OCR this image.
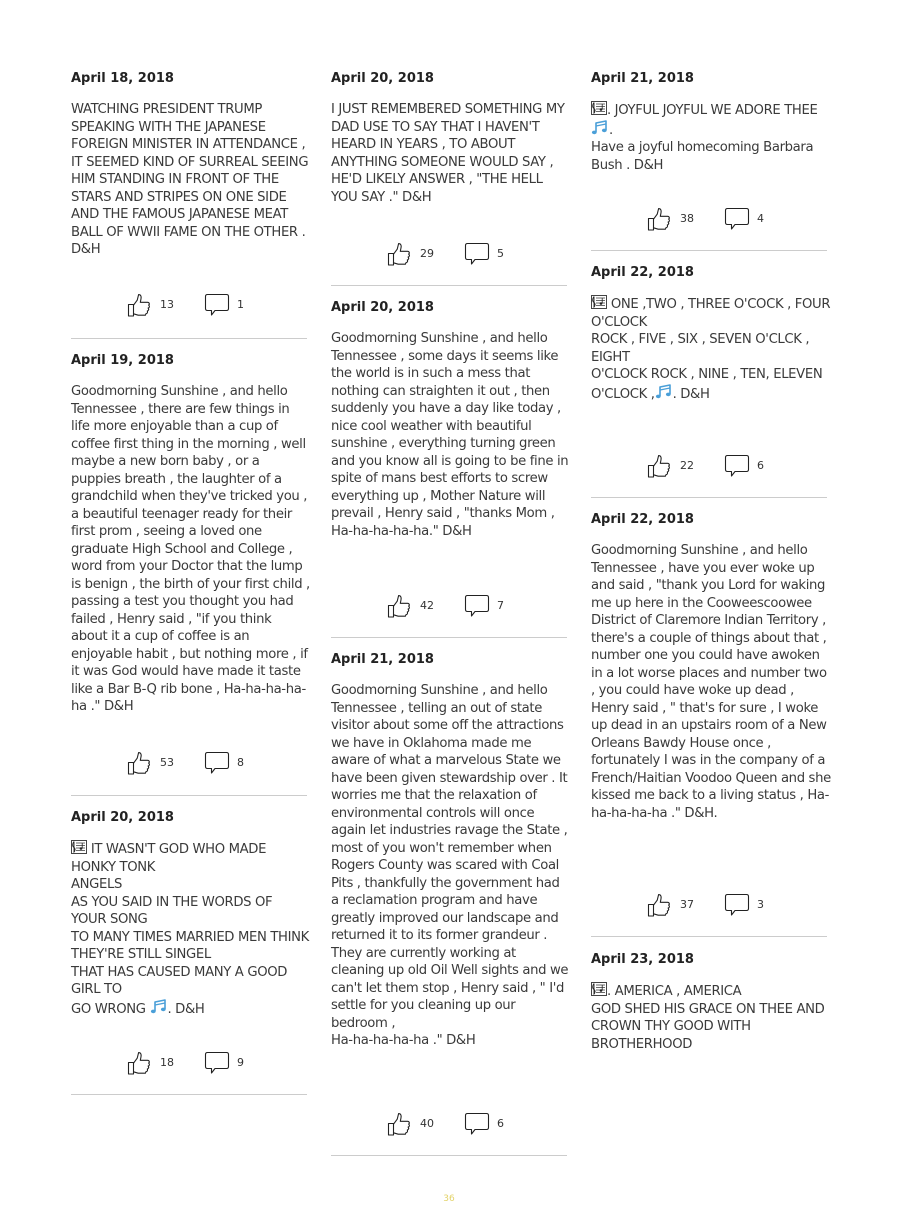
April 18, 2018
WATCHING PRESIDENT TRUMP SPEAKING WITH THE JAPANESE FOREIGN MINISTER IN ATTENDANCE , IT SEEMED KIND OF SURREAL SEEING HIM STANDING IN FRONT OF THE STARS AND STRIPES ON ONE SIDE AND THE FAMOUS JAPANESE MEAT BALL OF WWII FAME ON THE OTHER . D&H
13	1
April 19, 2018
Goodmorning Sunshine , and hello Tennessee , there are few things in life more enjoyable than a cup of coffee first thing in the morning , well maybe a new born baby , or a puppies breath , the laughter of a grandchild when they've tricked you , a beautiful teenager ready for their first prom , seeing a loved one graduate High School and College , word from your Doctor that the lump is benign , the birth of your first child , passing a test you thought you had failed , Henry said , "if you think about it a cup of coffee is an enjoyable habit , but nothing more , if it was God would have made it taste like a Bar B-Q rib bone , Ha-ha-ha-ha-ha ." D&H
53	8
April 20, 2018
IT WASN'T GOD WHO MADE HONKY TONK
ANGELS
AS YOU SAID IN THE WORDS OF YOUR SONG
TO MANY TIMES MARRIED MEN THINK THEY'RE STILL SINGEL
THAT HAS CAUSED MANY A GOOD GIRL TO
GO WRONG . D&H
18	9
April 20, 2018
I JUST REMEMBERED SOMETHING MY DAD USE TO SAY THAT I HAVEN'T HEARD IN YEARS , TO ABOUT ANYTHING SOMEONE WOULD SAY , HE'D LIKELY ANSWER , "THE HELL YOU SAY ." D&H
29	5
April 20, 2018
Goodmorning Sunshine , and hello Tennessee , some days it seems like the world is in such a mess that nothing can straighten it out , then suddenly you have a day like today , nice cool weather with beautiful sunshine , everything turning green and you know all is going to be fine in spite of mans best efforts to screw everything up , Mother Nature will prevail , Henry said , "thanks Mom ,
Ha-ha-ha-ha-ha." D&H
42	7
April 21, 2018
Goodmorning Sunshine , and hello Tennessee , telling an out of state visitor about some off the attractions we have in Oklahoma made me aware of what a marvelous State we have been given stewardship over . It worries me that the relaxation of environmental controls will once again let industries ravage the State , most of you won't remember when Rogers County was scared with Coal Pits , thankfully the government had a reclamation program and have greatly improved our landscape and returned it to its former grandeur . They are currently working at cleaning up old Oil Well sights and we can't let them stop , Henry said , " I'd settle for you cleaning up our bedroom ,
Ha-ha-ha-ha-ha ." D&H
40	6
April 21, 2018
. JOYFUL JOYFUL WE ADORE THEE .
Have a joyful homecoming Barbara Bush . D&H
38	4
April 22, 2018
ONE ,TWO , THREE O'COCK , FOUR O'CLOCK
ROCK , FIVE , SIX , SEVEN O'CLCK , EIGHT
O'CLOCK ROCK , NINE , TEN, ELEVEN
O'CLOCK , . D&H
22	6
April 22, 2018
Goodmorning Sunshine , and hello Tennessee , have you ever woke up and said , "thank you Lord for waking me up here in the Cooweescoowee District of Claremore Indian Territory , there's a couple of things about that , number one you could have awoken in a lot worse places and number two , you could have woke up dead , Henry said , " that's for sure , I woke up dead in an upstairs room of a New Orleans Bawdy House once , fortunately I was in the company of a French/Haitian Voodoo Queen and she kissed me back to a living status , Ha-ha-ha-ha-ha ." D&H.
37	3
April 23, 2018
. AMERICA , AMERICA
GOD SHED HIS GRACE ON THEE AND CROWN THY GOOD WITH BROTHERHOOD
36
